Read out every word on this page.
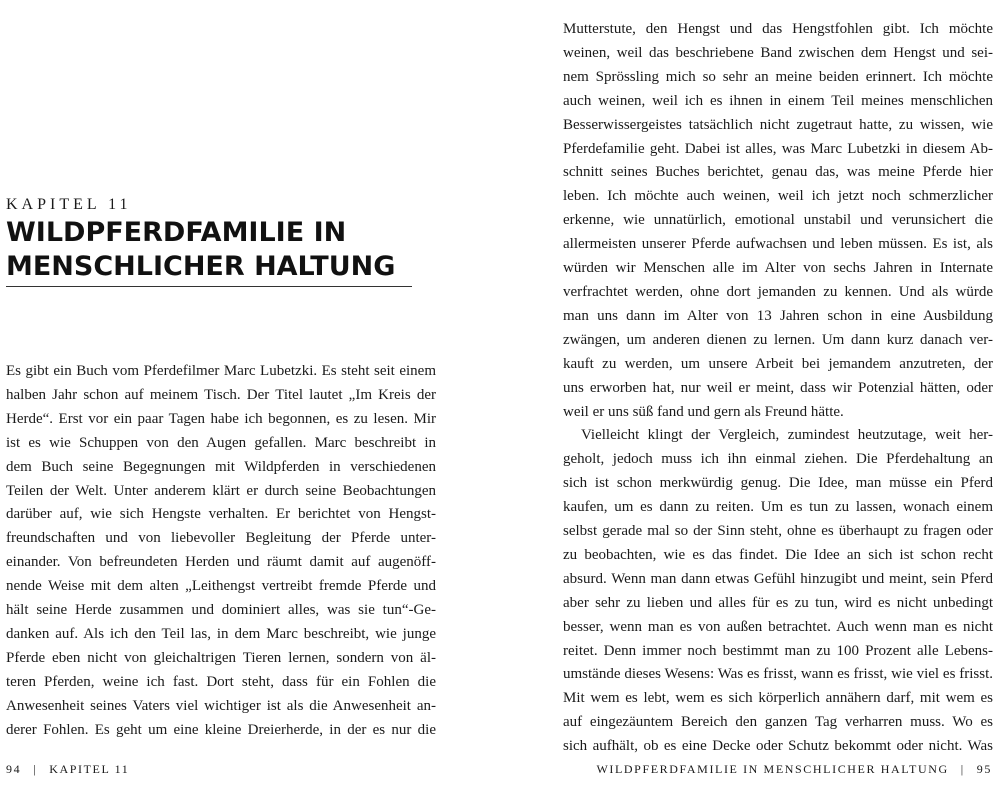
KAPITEL 11
WILDPFERDFAMILIE IN
MENSCHLICHER HALTUNG
Es gibt ein Buch vom Pferdefilmer Marc Lubetzki. Es steht seit einem
halben Jahr schon auf meinem Tisch. Der Titel lautet „Im Kreis der
Herde“. Erst vor ein paar Tagen habe ich begonnen, es zu lesen. Mir
ist es wie Schuppen von den Augen gefallen. Marc beschreibt in
dem Buch seine Begegnungen mit Wildpferden in verschiedenen
Teilen der Welt. Unter anderem klärt er durch seine Beobachtungen
darüber auf, wie sich Hengste verhalten. Er berichtet von Hengst-
freundschaften und von liebevoller Begleitung der Pferde unter-
einander. Von befreundeten Herden und räumt damit auf augenöff-
nende Weise mit dem alten „Leithengst vertreibt fremde Pferde und
hält seine Herde zusammen und dominiert alles, was sie tun“-Ge-
danken auf. Als ich den Teil las, in dem Marc beschreibt, wie junge
Pferde eben nicht von gleichaltrigen Tieren lernen, sondern von äl-
teren Pferden, weine ich fast. Dort steht, dass für ein Fohlen die
Anwesenheit seines Vaters viel wichtiger ist als die Anwesenheit an-
derer Fohlen. Es geht um eine kleine Dreierherde, in der es nur die
94 | KAPITEL 11
Mutterstute, den Hengst und das Hengstfohlen gibt. Ich möchte
weinen, weil das beschriebene Band zwischen dem Hengst und sei-
nem Sprössling mich so sehr an meine beiden erinnert. Ich möchte
auch weinen, weil ich es ihnen in einem Teil meines menschlichen
Besserwissergeistes tatsächlich nicht zugetraut hatte, zu wissen, wie
Pferdefamilie geht. Dabei ist alles, was Marc Lubetzki in diesem Ab-
schnitt seines Buches berichtet, genau das, was meine Pferde hier
leben. Ich möchte auch weinen, weil ich jetzt noch schmerzlicher
erkenne, wie unnatürlich, emotional unstabil und verunsichert die
allermeisten unserer Pferde aufwachsen und leben müssen. Es ist, als
würden wir Menschen alle im Alter von sechs Jahren in Internate
verfrachtet werden, ohne dort jemanden zu kennen. Und als würde
man uns dann im Alter von 13 Jahren schon in eine Ausbildung
zwängen, um anderen dienen zu lernen. Um dann kurz danach ver-
kauft zu werden, um unsere Arbeit bei jemandem anzutreten, der
uns erworben hat, nur weil er meint, dass wir Potenzial hätten, oder
weil er uns süß fand und gern als Freund hätte.
Vielleicht klingt der Vergleich, zumindest heutzutage, weit her-
geholt, jedoch muss ich ihn einmal ziehen. Die Pferdehaltung an
sich ist schon merkwürdig genug. Die Idee, man müsse ein Pferd
kaufen, um es dann zu reiten. Um es tun zu lassen, wonach einem
selbst gerade mal so der Sinn steht, ohne es überhaupt zu fragen oder
zu beobachten, wie es das findet. Die Idee an sich ist schon recht
absurd. Wenn man dann etwas Gefühl hinzugibt und meint, sein Pferd
aber sehr zu lieben und alles für es zu tun, wird es nicht unbedingt
besser, wenn man es von außen betrachtet. Auch wenn man es nicht
reitet. Denn immer noch bestimmt man zu 100 Prozent alle Lebens-
umstände dieses Wesens: Was es frisst, wann es frisst, wie viel es frisst.
Mit wem es lebt, wem es sich körperlich annähern darf, mit wem es
auf eingezäuntem Bereich den ganzen Tag verharren muss. Wo es
sich aufhält, ob es eine Decke oder Schutz bekommt oder nicht. Was
WILDPFERDFAMILIE IN MENSCHLICHER HALTUNG | 95
